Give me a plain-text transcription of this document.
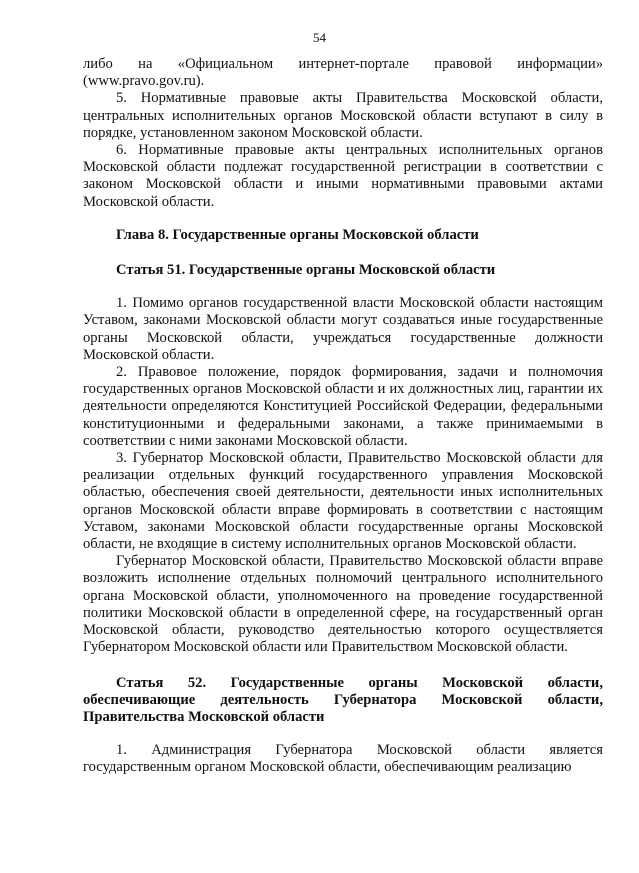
54

либо на «Официальном интернет-портале правовой информации» (www.pravo.gov.ru).

5. Нормативные правовые акты Правительства Московской области, центральных исполнительных органов Московской области вступают в силу в порядке, установленном законом Московской области.

6. Нормативные правовые акты центральных исполнительных органов Московской области подлежат государственной регистрации в соответствии с законом Московской области и иными нормативными правовыми актами Московской области.

Глава 8. Государственные органы Московской области

Статья 51. Государственные органы Московской области

1. Помимо органов государственной власти Московской области настоящим Уставом, законами Московской области могут создаваться иные государственные органы Московской области, учреждаться государственные должности Московской области.

2. Правовое положение, порядок формирования, задачи и полномочия государственных органов Московской области и их должностных лиц, гарантии их деятельности определяются Конституцией Российской Федерации, федеральными конституционными и федеральными законами, а также принимаемыми в соответствии с ними законами Московской области.

3. Губернатор Московской области, Правительство Московской области для реализации отдельных функций государственного управления Московской областью, обеспечения своей деятельности, деятельности иных исполнительных органов Московской области вправе формировать в соответствии с настоящим Уставом, законами Московской области государственные органы Московской области, не входящие в систему исполнительных органов Московской области.

Губернатор Московской области, Правительство Московской области вправе возложить исполнение отдельных полномочий центрального исполнительного органа Московской области, уполномоченного на проведение государственной политики Московской области в определенной сфере, на государственный орган Московской области, руководство деятельностью которого осуществляется Губернатором Московской области или Правительством Московской области.

Статья 52. Государственные органы Московской области, обеспечивающие деятельность Губернатора Московской области, Правительства Московской области

1. Администрация Губернатора Московской области является государственным органом Московской области, обеспечивающим реализацию
